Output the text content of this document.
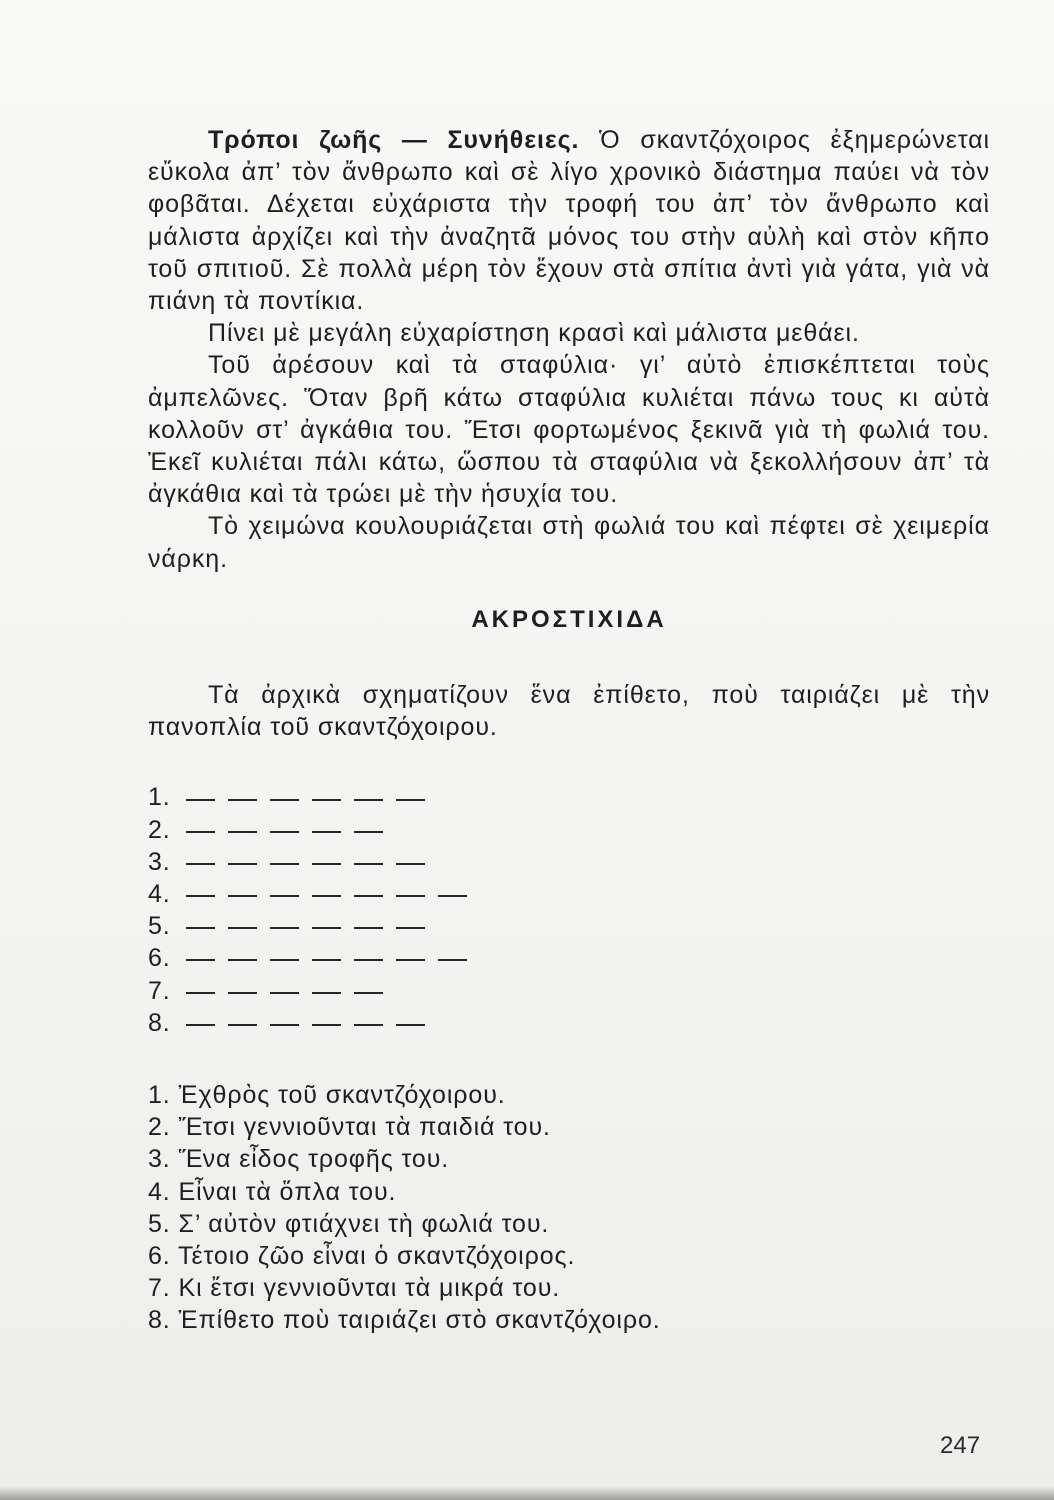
Τρόποι ζωῆς — Συνήθειες. Ὁ σκαντζόχοιρος ἐξημερώνεται εὔκολα ἀπ’ τὸν ἄνθρωπο καὶ σὲ λίγο χρονικὸ διάστημα παύει νὰ τὸν φοβᾶται. Δέχεται εὐχάριστα τὴν τροφή του ἀπ’ τὸν ἄνθρωπο καὶ μάλιστα ἀρχίζει καὶ τὴν ἀναζητᾶ μόνος του στὴν αὐλὴ καὶ στὸν κῆπο τοῦ σπιτιοῦ. Σὲ πολλὰ μέρη τὸν ἔχουν στὰ σπίτια ἀντὶ γιὰ γάτα, γιὰ νὰ πιάνη τὰ ποντίκια.

Πίνει μὲ μεγάλη εὐχαρίστηση κρασὶ καὶ μάλιστα μεθάει.

Τοῦ ἀρέσουν καὶ τὰ σταφύλια· γι’ αὐτὸ ἐπισκέπτεται τοὺς ἀμπελῶνες. Ὅταν βρῆ κάτω σταφύλια κυλιέται πάνω τους κι αὐτὰ κολλοῦν στ’ ἀγκάθια του. Ἔτσι φορτωμένος ξεκινᾶ γιὰ τὴ φωλιά του. Ἐκεῖ κυλιέται πάλι κάτω, ὥσπου τὰ σταφύλια νὰ ξεκολλήσουν ἀπ’ τὰ ἀγκάθια καὶ τὰ τρώει μὲ τὴν ἡσυχία του.

Τὸ χειμώνα κουλουριάζεται στὴ φωλιά του καὶ πέφτει σὲ χειμερία νάρκη.

ΑΚΡΟΣΤΙΧΙΔΑ

Τὰ ἀρχικὰ σχηματίζουν ἕνα ἐπίθετο, ποὺ ταιριάζει μὲ τὴν πανοπλία τοῦ σκαντζόχοιρου.

1.
2.
3.
4.
5.
6.
7.
8.
1. Ἐχθρὸς τοῦ σκαντζόχοιρου.
2. Ἔτσι γεννιοῦνται τὰ παιδιά του.
3. Ἕνα εἶδος τροφῆς του.
4. Εἶναι τὰ ὅπλα του.
5. Σ’ αὐτὸν φτιάχνει τὴ φωλιά του.
6. Τέτοιο ζῶο εἶναι ὁ σκαντζόχοιρος.
7. Κι ἔτσι γεννιοῦνται τὰ μικρά του.
8. Ἐπίθετο ποὺ ταιριάζει στὸ σκαντζόχοιρο.
247
